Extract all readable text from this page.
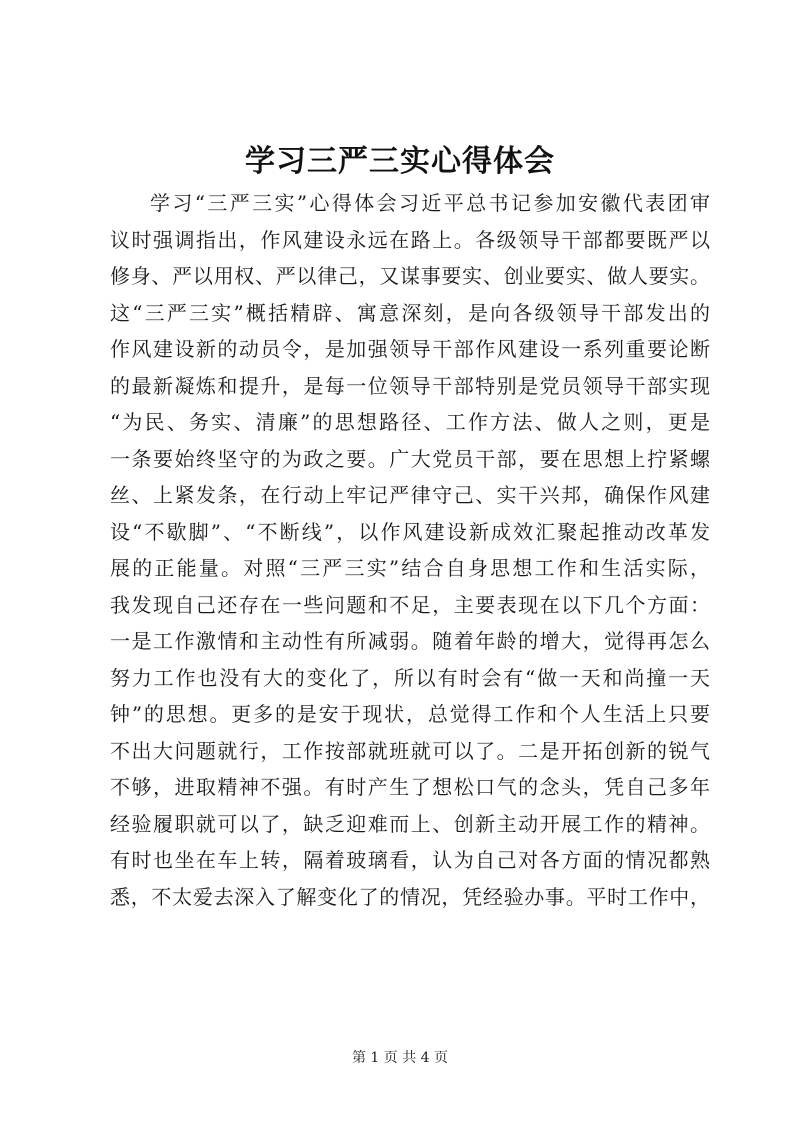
学习三严三实心得体会
学习“三严三实”心得体会习近平总书记参加安徽代表团审
议时强调指出，作风建设永远在路上。各级领导干部都要既严以
修身、严以用权、严以律己，又谋事要实、创业要实、做人要实。
这“三严三实”概括精辟、寓意深刻，是向各级领导干部发出的
作风建设新的动员令，是加强领导干部作风建设一系列重要论断
的最新凝炼和提升，是每一位领导干部特别是党员领导干部实现
“为民、务实、清廉”的思想路径、工作方法、做人之则，更是
一条要始终坚守的为政之要。广大党员干部，要在思想上拧紧螺
丝、上紧发条，在行动上牢记严律守己、实干兴邦，确保作风建
设“不歇脚”、“不断线”，以作风建设新成效汇聚起推动改革发
展的正能量。对照“三严三实”结合自身思想工作和生活实际，
我发现自己还存在一些问题和不足，主要表现在以下几个方面：
一是工作激情和主动性有所减弱。随着年龄的增大，觉得再怎么
努力工作也没有大的变化了，所以有时会有“做一天和尚撞一天
钟”的思想。更多的是安于现状，总觉得工作和个人生活上只要
不出大问题就行，工作按部就班就可以了。二是开拓创新的锐气
不够，进取精神不强。有时产生了想松口气的念头，凭自己多年
经验履职就可以了，缺乏迎难而上、创新主动开展工作的精神。
有时也坐在车上转，隔着玻璃看，认为自己对各方面的情况都熟
悉，不太爱去深入了解变化了的情况，凭经验办事。平时工作中，
第 1 页 共 4 页
